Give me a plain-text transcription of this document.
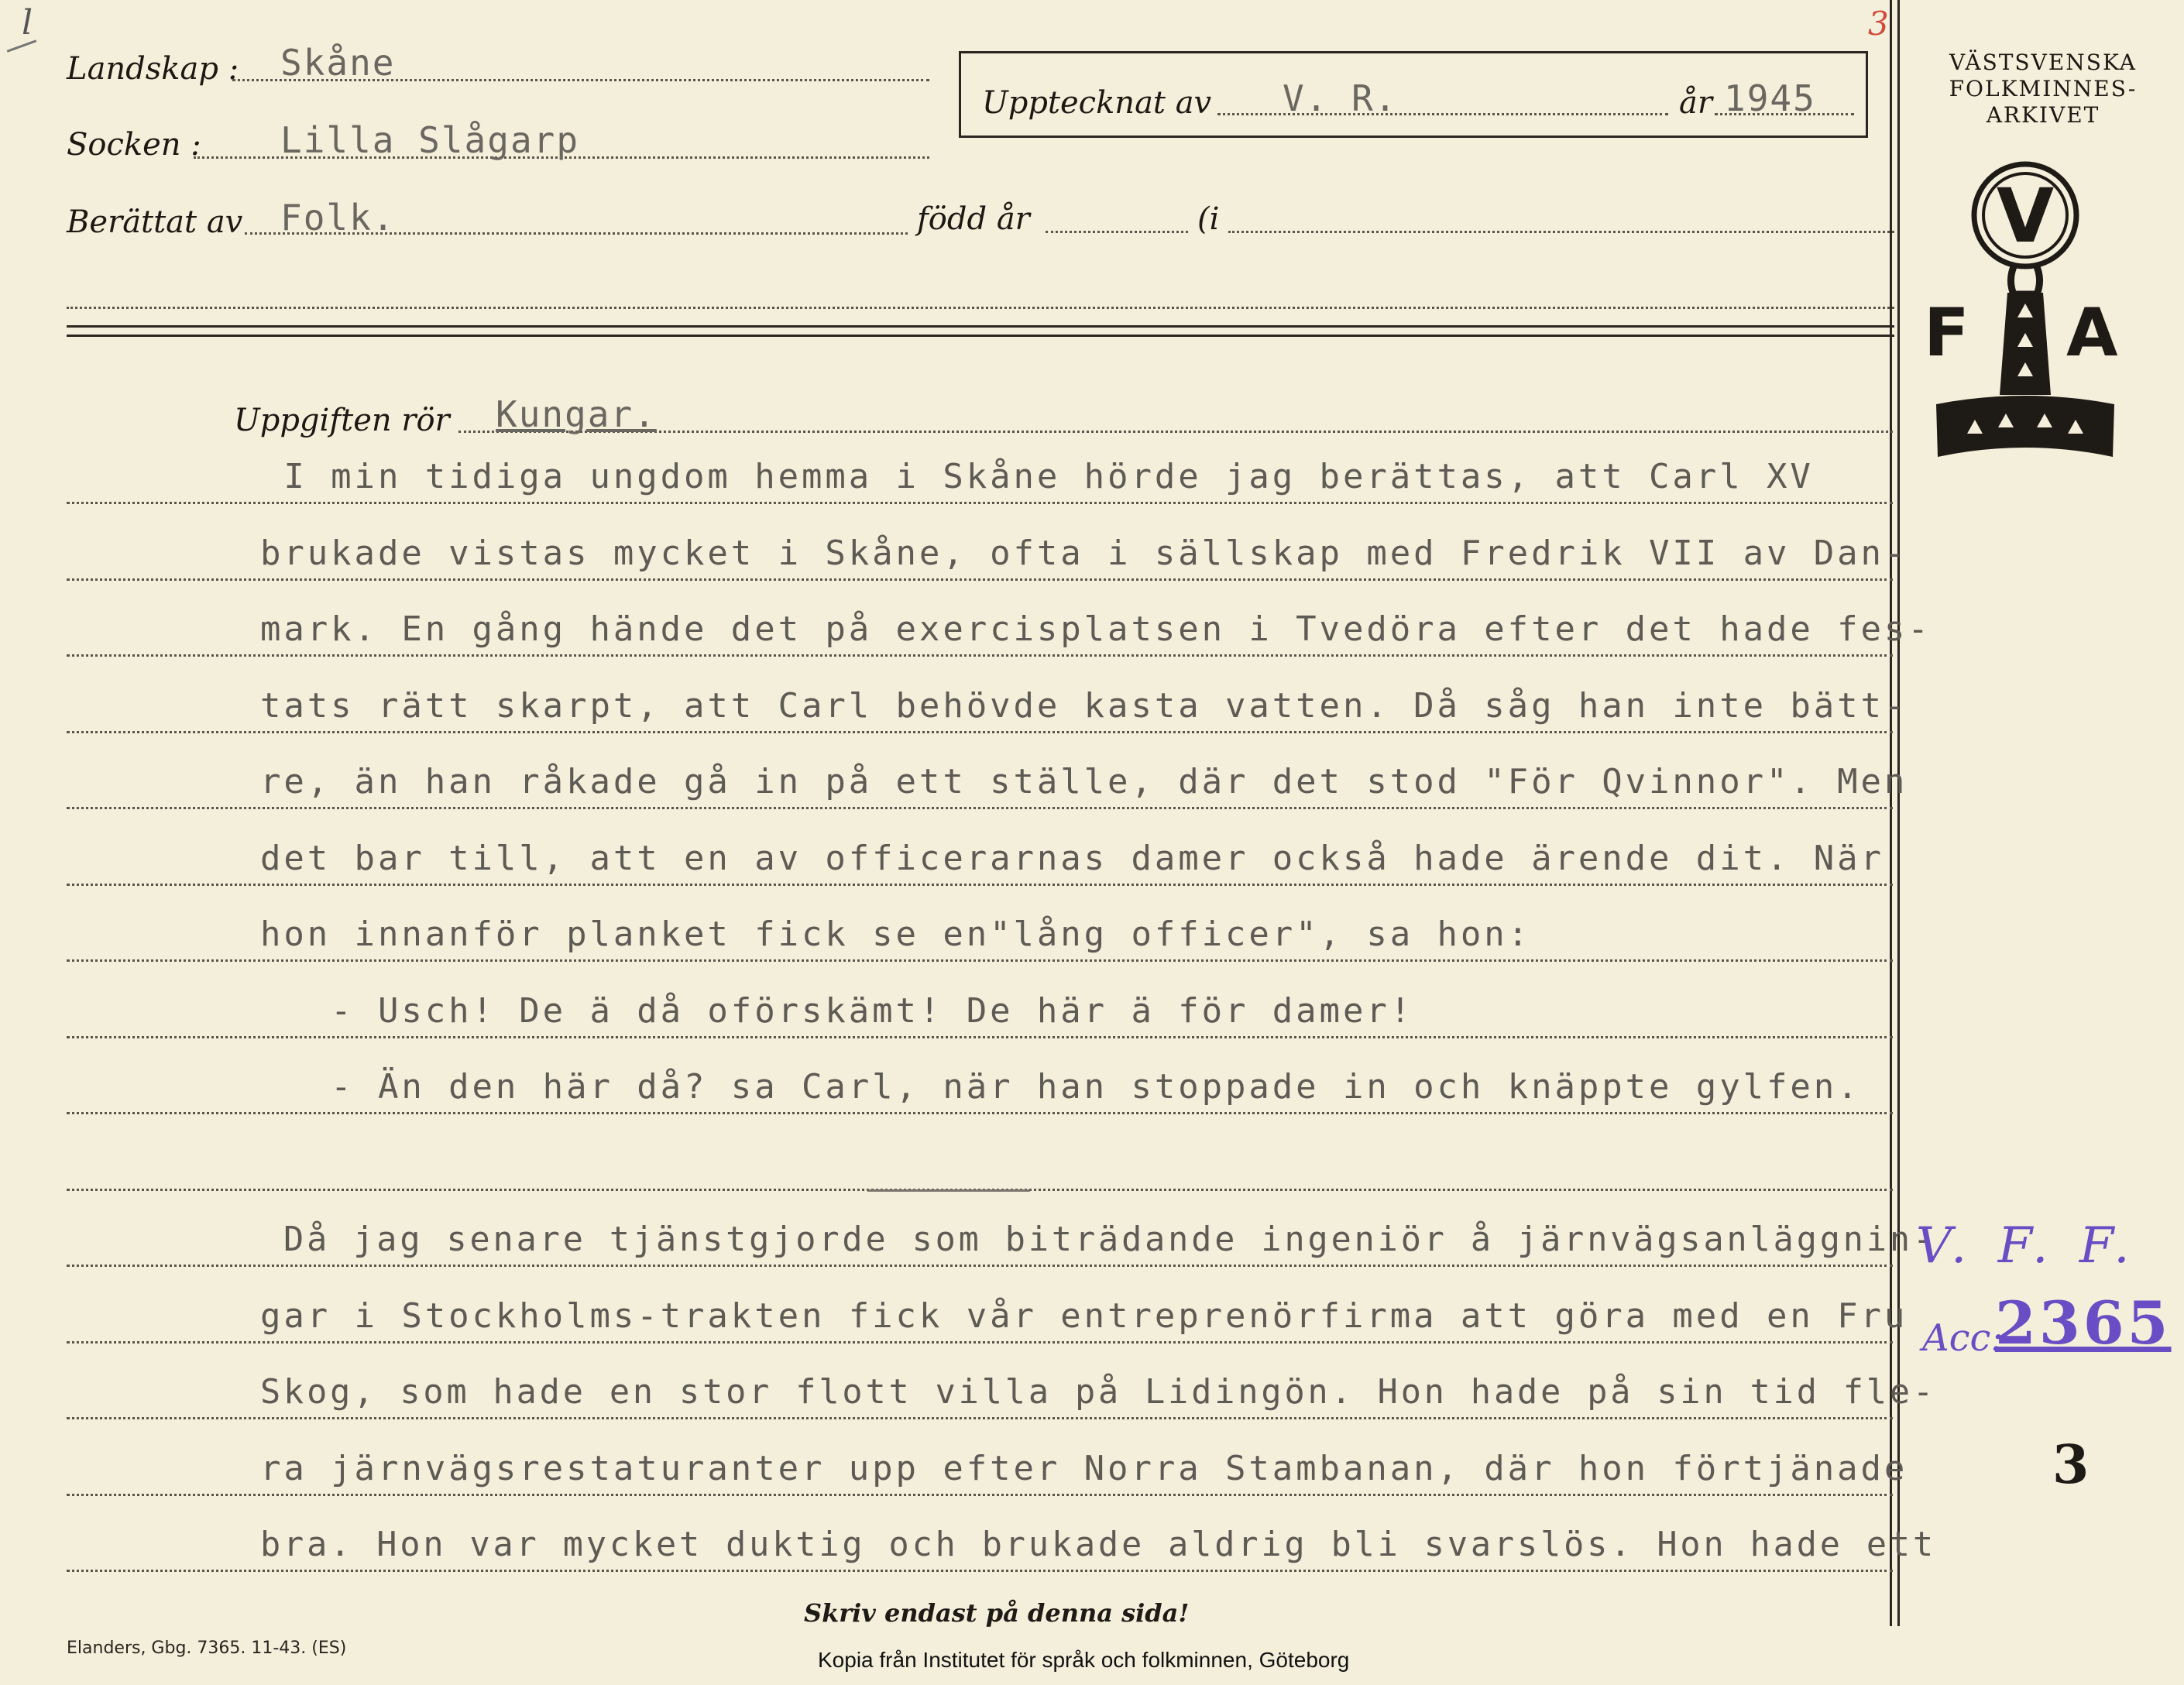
l
Landskap : Skåne
Socken : Lilla Slågarp
Berättat av Folk.	född år	(i
Upptecknat av V. R.	år 1945
3
VÄSTSVENSKA
FOLKMINNES-
ARKIVET
V
F A
Uppgiften rör Kungar.
I min tidiga ungdom hemma i Skåne hörde jag berättas, att Carl XV
brukade vistas mycket i Skåne, ofta i sällskap med Fredrik VII av Dan-
mark. En gång hände det på exercisplatsen i Tvedöra efter det hade fes-
tats rätt skarpt, att Carl behövde kasta vatten. Då såg han inte bätt-
re, än han råkade gå in på ett ställe, där det stod "För Qvinnor". Men
det bar till, att en av officerarnas damer också hade ärende dit. När
hon innanför planket fick se en"lång officer", sa hon:
- Usch! De ä då oförskämt! De här ä för damer!
- Än den här då? sa Carl, när han stoppade in och knäppte gylfen.
Då jag senare tjänstgjorde som biträdande ingeniör å järnvägsanläggnin-
gar i Stockholms-trakten fick vår entreprenörfirma att göra med en Fru
Skog, som hade en stor flott villa på Lidingön. Hon hade på sin tid fle-
ra järnvägsrestaturanter upp efter Norra Stambanan, där hon förtjänade
bra. Hon var mycket duktig och brukade aldrig bli svarslös. Hon hade ett
V. F. F.
Acc:
2365
3
Elanders, Gbg. 7365. 11-43. (ES)
Skriv endast på denna sida!
Kopia från Institutet för språk och folkminnen, Göteborg
